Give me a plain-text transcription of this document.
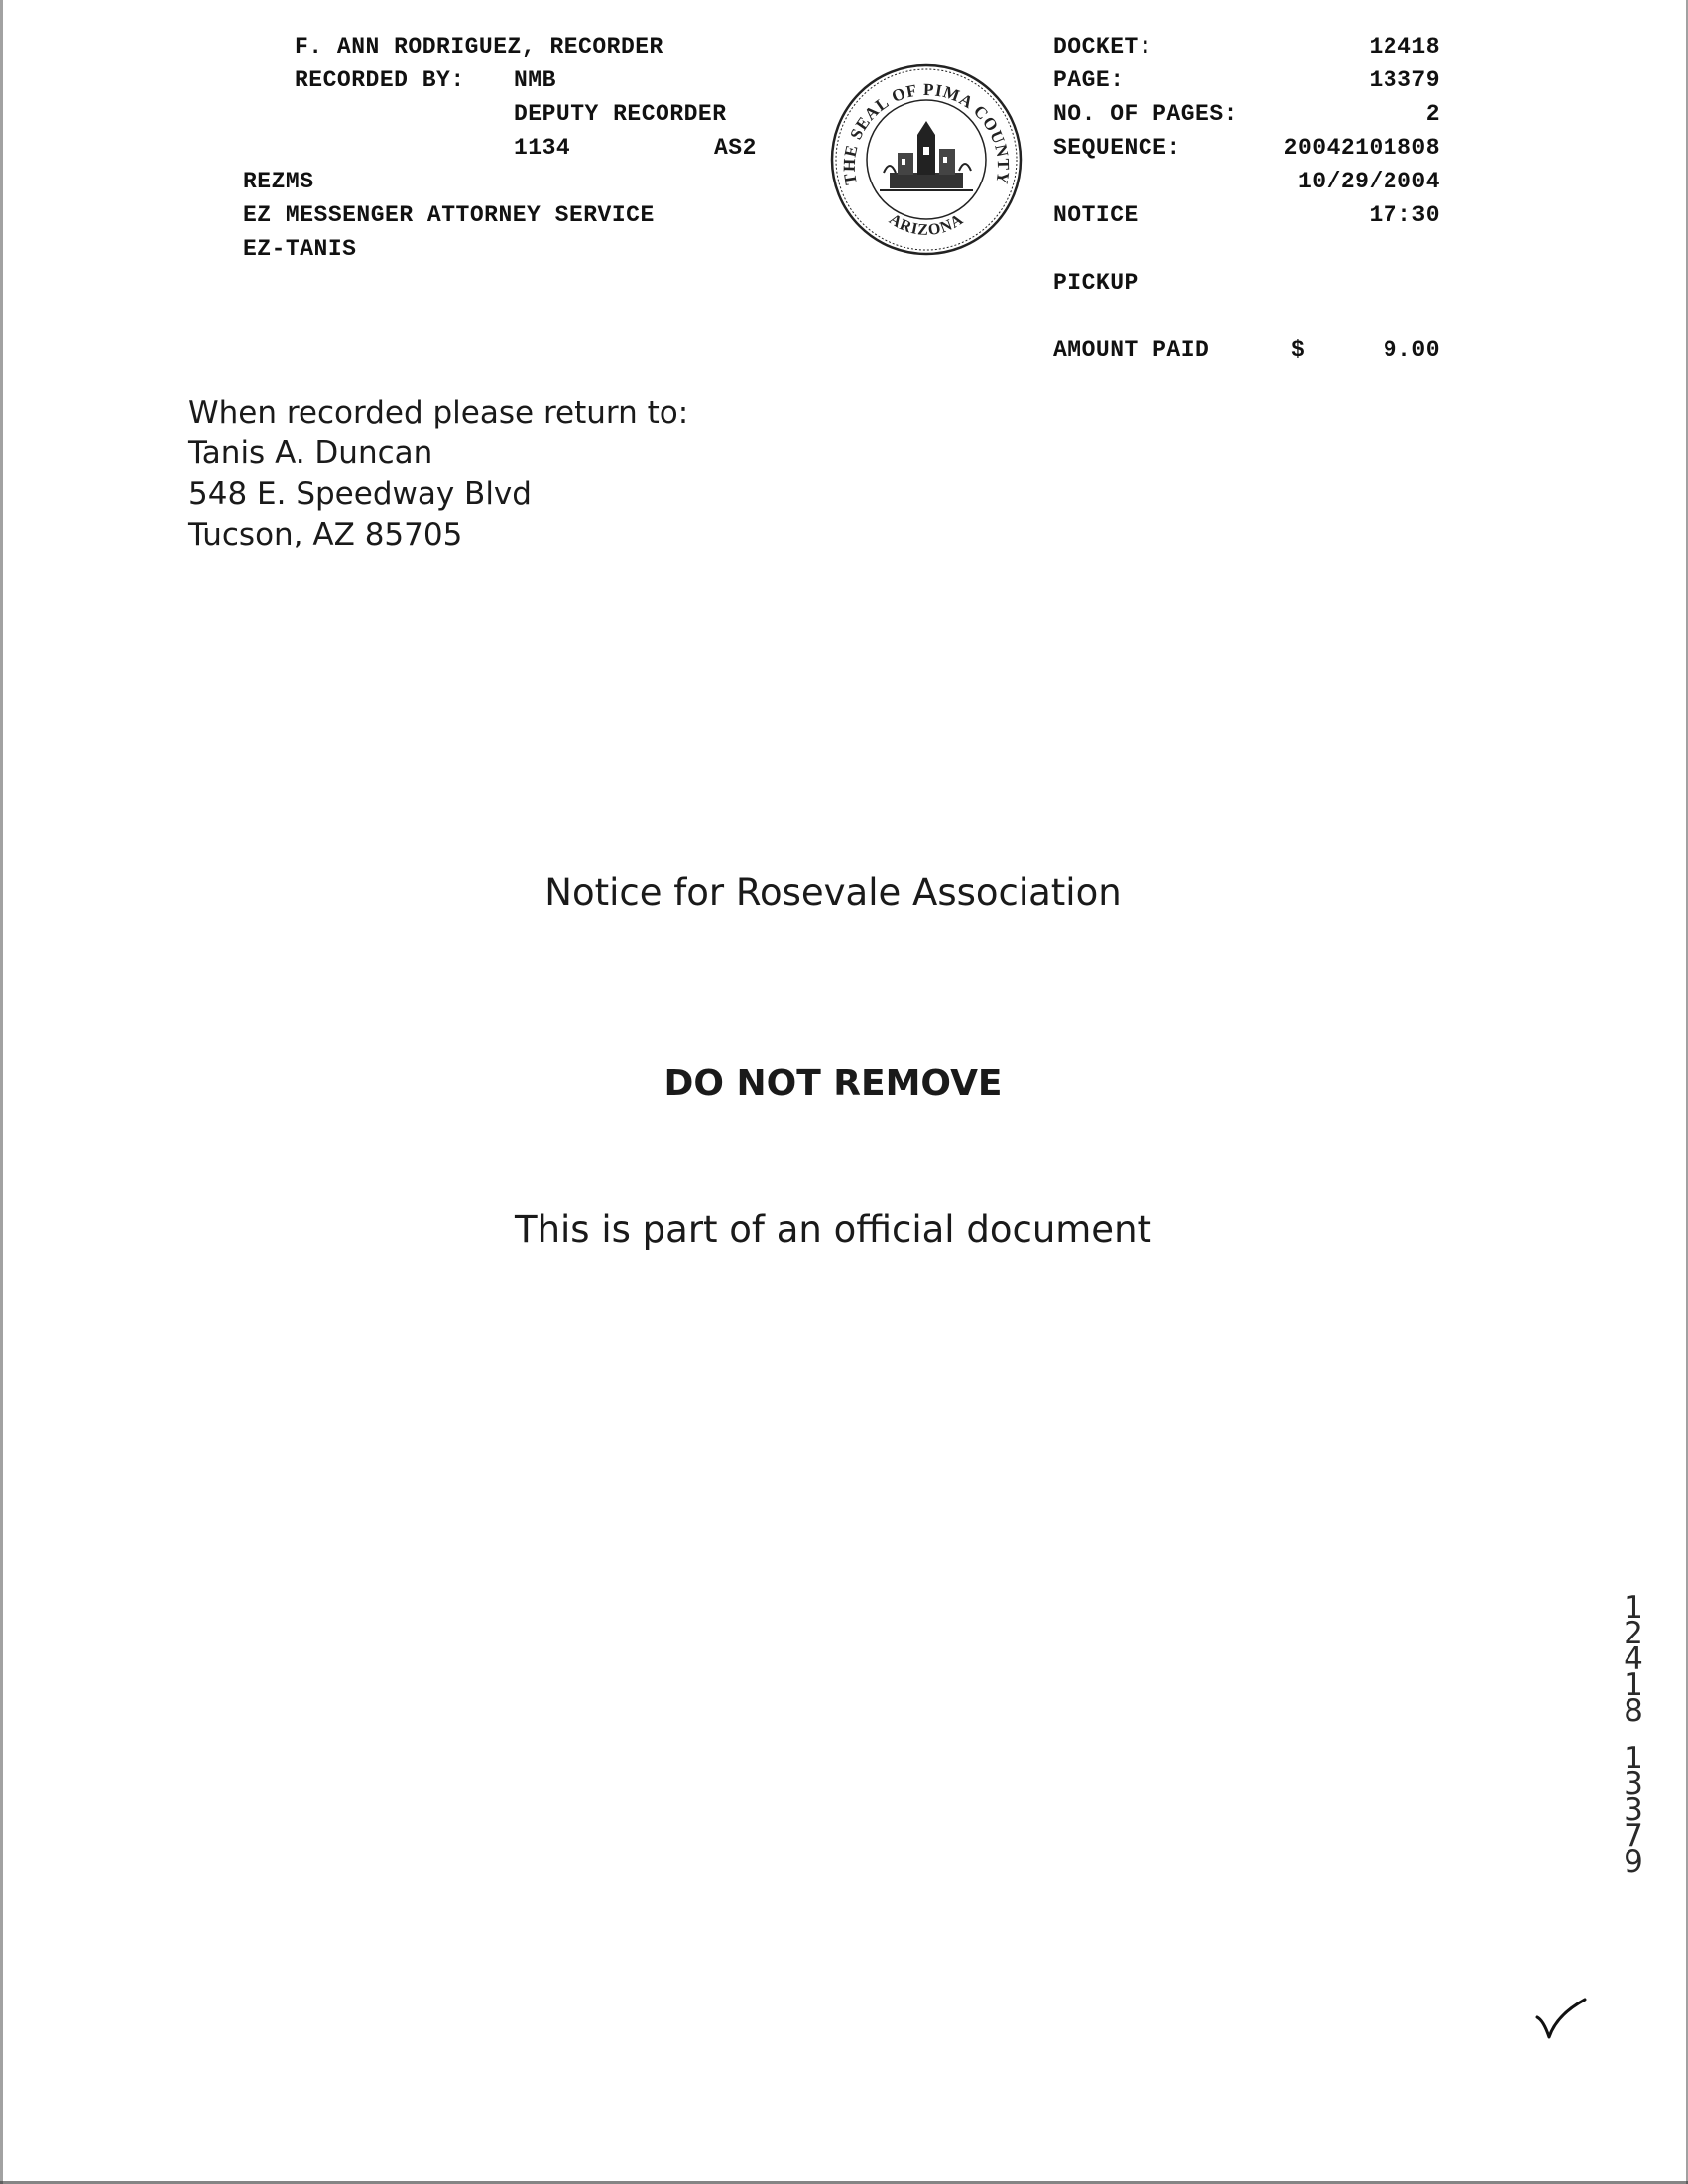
F. ANN RODRIGUEZ, RECORDER
RECORDED BY: NMB
DEPUTY RECORDER
1134	AS2
REZMS
EZ MESSENGER ATTORNEY SERVICE
EZ-TANIS
THE SEAL OF PIMA COUNTY
ARIZONA
DOCKET:	12418
PAGE:	13379
NO. OF PAGES:	2
SEQUENCE:	20042101808
10/29/2004
NOTICE	17:30
PICKUP
AMOUNT PAID	$	9.00
When recorded please return to:
Tanis A. Duncan
548 E. Speedway Blvd
Tucson, AZ 85705
Notice for Rosevale Association
DO NOT REMOVE
This is part of an official document
1
2
4
1
8
1
3
3
7
9
